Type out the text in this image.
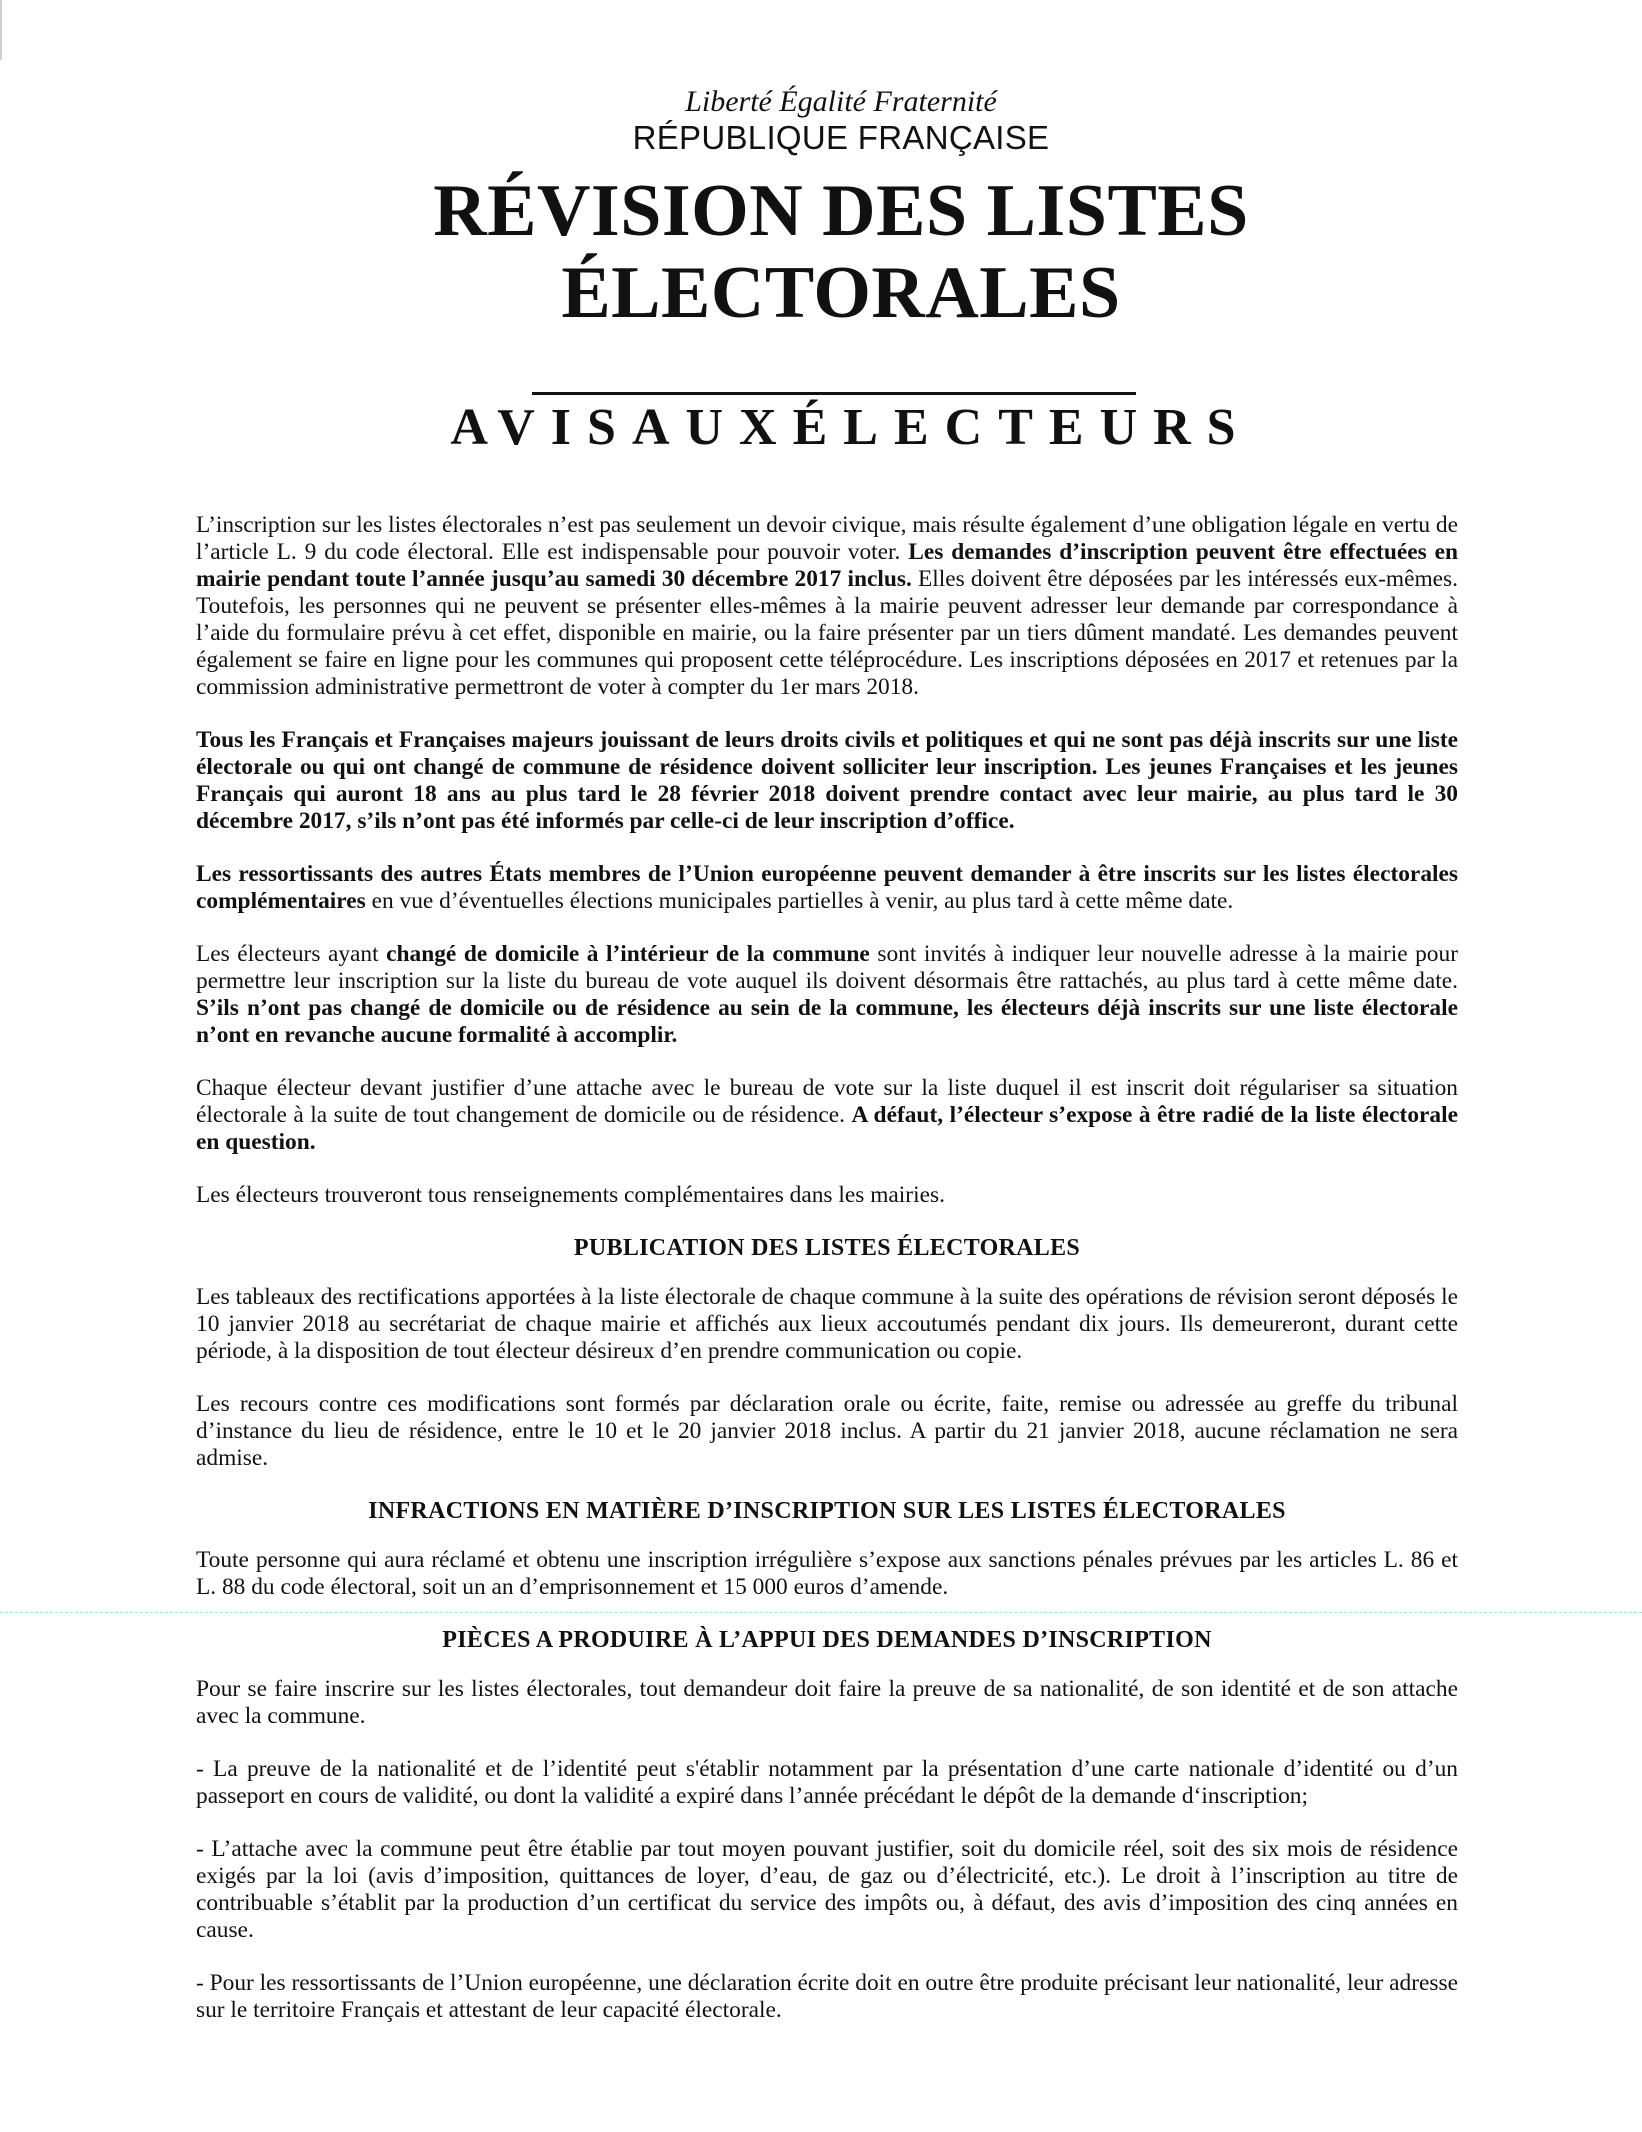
Liberté Égalité Fraternité
RÉPUBLIQUE FRANÇAISE
RÉVISION DES LISTES
ÉLECTORALES
AVISAUXÉLECTEURS

L’inscription sur les listes électorales n’est pas seulement un devoir civique, mais résulte également d’une obligation légale en vertu de l’article L. 9 du code électoral. Elle est indispensable pour pouvoir voter. Les demandes d’inscription peuvent être effectuées en mairie pendant toute l’année jusqu’au samedi 30 décembre 2017 inclus. Elles doivent être déposées par les intéressés eux-mêmes. Toutefois, les personnes qui ne peuvent se présenter elles-mêmes à la mairie peuvent adresser leur demande par correspondance à l’aide du formulaire prévu à cet effet, disponible en mairie, ou la faire présenter par un tiers dûment mandaté. Les demandes peuvent également se faire en ligne pour les communes qui proposent cette téléprocédure. Les inscriptions déposées en 2017 et retenues par la commission administrative permettront de voter à compter du 1er mars 2018.

Tous les Français et Françaises majeurs jouissant de leurs droits civils et politiques et qui ne sont pas déjà inscrits sur une liste électorale ou qui ont changé de commune de résidence doivent solliciter leur inscription. Les jeunes Françaises et les jeunes Français qui auront 18 ans au plus tard le 28 février 2018 doivent prendre contact avec leur mairie, au plus tard le 30 décembre 2017, s’ils n’ont pas été informés par celle-ci de leur inscription d’office.

Les ressortissants des autres États membres de l’Union européenne peuvent demander à être inscrits sur les listes électorales complémentaires en vue d’éventuelles élections municipales partielles à venir, au plus tard à cette même date.

Les électeurs ayant changé de domicile à l’intérieur de la commune sont invités à indiquer leur nouvelle adresse à la mairie pour permettre leur inscription sur la liste du bureau de vote auquel ils doivent désormais être rattachés, au plus tard à cette même date. S’ils n’ont pas changé de domicile ou de résidence au sein de la commune, les électeurs déjà inscrits sur une liste électorale n’ont en revanche aucune formalité à accomplir.

Chaque électeur devant justifier d’une attache avec le bureau de vote sur la liste duquel il est inscrit doit régulariser sa situation électorale à la suite de tout changement de domicile ou de résidence. A défaut, l’électeur s’expose à être radié de la liste électorale en question.

Les électeurs trouveront tous renseignements complémentaires dans les mairies.

PUBLICATION DES LISTES ÉLECTORALES

Les tableaux des rectifications apportées à la liste électorale de chaque commune à la suite des opérations de révision seront déposés le 10 janvier 2018 au secrétariat de chaque mairie et affichés aux lieux accoutumés pendant dix jours. Ils demeureront, durant cette période, à la disposition de tout électeur désireux d’en prendre communication ou copie.

Les recours contre ces modifications sont formés par déclaration orale ou écrite, faite, remise ou adressée au greffe du tribunal d’instance du lieu de résidence, entre le 10 et le 20 janvier 2018 inclus. A partir du 21 janvier 2018, aucune réclamation ne sera admise.

INFRACTIONS EN MATIÈRE D’INSCRIPTION SUR LES LISTES ÉLECTORALES

Toute personne qui aura réclamé et obtenu une inscription irrégulière s’expose aux sanctions pénales prévues par les articles L. 86 et L. 88 du code électoral, soit un an d’emprisonnement et 15 000 euros d’amende.

PIÈCES A PRODUIRE À L’APPUI DES DEMANDES D’INSCRIPTION

Pour se faire inscrire sur les listes électorales, tout demandeur doit faire la preuve de sa nationalité, de son identité et de son attache avec la commune.

- La preuve de la nationalité et de l’identité peut s'établir notamment par la présentation d’une carte nationale d’identité ou d’un passeport en cours de validité, ou dont la validité a expiré dans l’année précédant le dépôt de la demande d‘inscription;

- L’attache avec la commune peut être établie par tout moyen pouvant justifier, soit du domicile réel, soit des six mois de résidence exigés par la loi (avis d’imposition, quittances de loyer, d’eau, de gaz ou d’électricité, etc.). Le droit à l’inscription au titre de contribuable s’établit par la production d’un certificat du service des impôts ou, à défaut, des avis d’imposition des cinq années en cause.

- Pour les ressortissants de l’Union européenne, une déclaration écrite doit en outre être produite précisant leur nationalité, leur adresse sur le territoire Français et attestant de leur capacité électorale.
